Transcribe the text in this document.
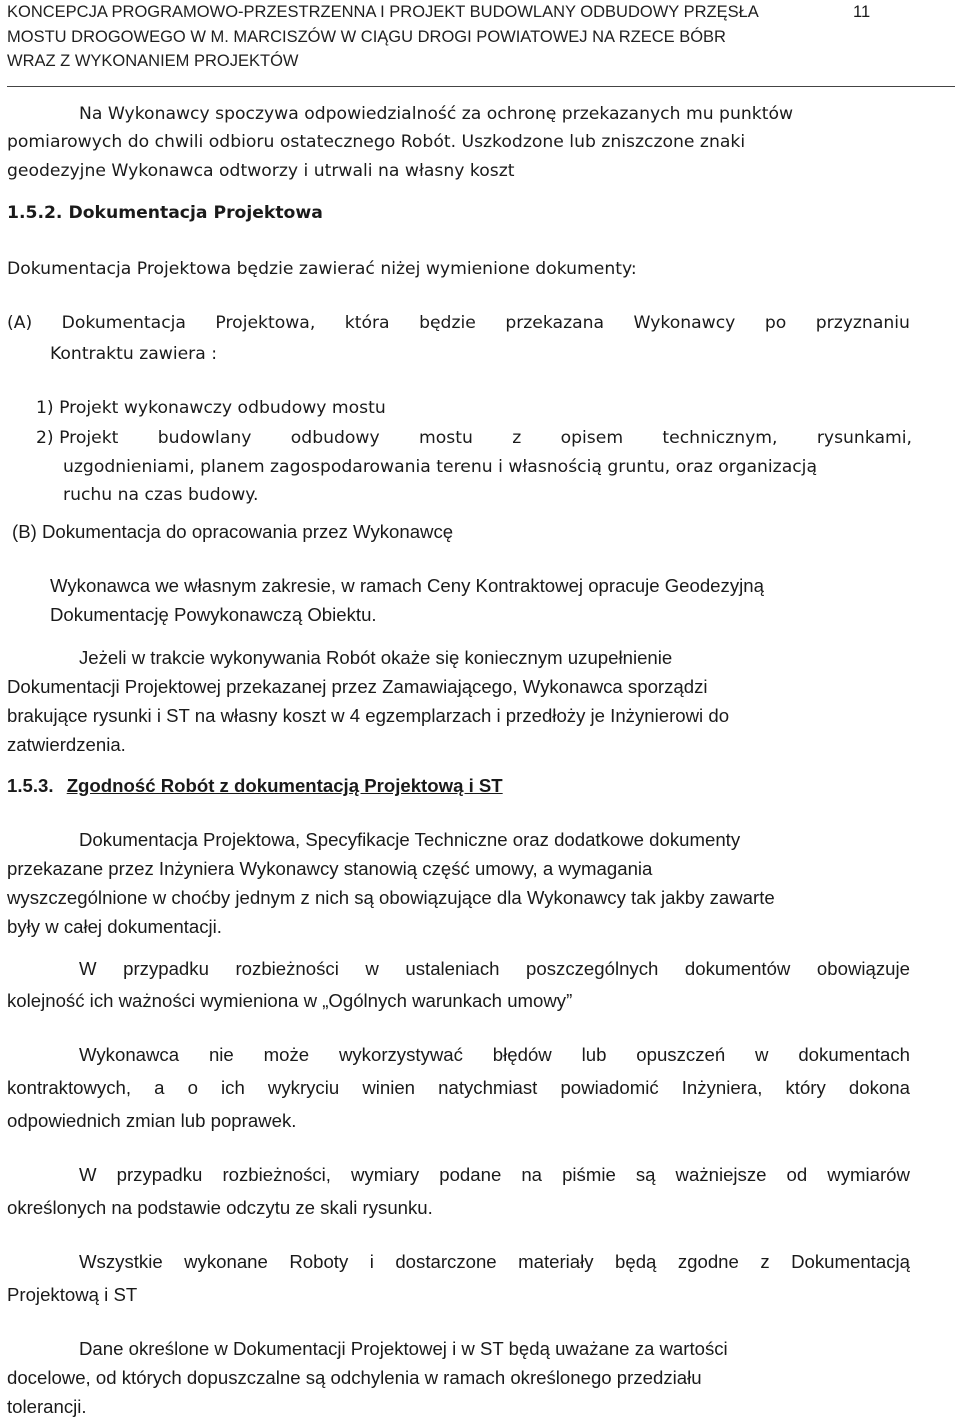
KONCEPCJA PROGRAMOWO-PRZESTRZENNA I PROJEKT BUDOWLANY ODBUDOWY PRZĘSŁA
MOSTU DROGOWEGO W M. MARCISZÓW W CIĄGU DROGI POWIATOWEJ NA RZECE BÓBR
WRAZ Z WYKONANIEM PROJEKTÓW
11
Na Wykonawcy spoczywa odpowiedzialność za ochronę przekazanych mu punktów
pomiarowych do chwili odbioru ostatecznego Robót. Uszkodzone lub zniszczone znaki
geodezyjne Wykonawca odtworzy i utrwali na własny koszt
1.5.2. Dokumentacja Projektowa
Dokumentacja Projektowa będzie zawierać niżej wymienione dokumenty:
(A) Dokumentacja Projektowa, która będzie przekazana Wykonawcy po przyznaniu
Kontraktu zawiera :
1) Projekt wykonawczy odbudowy mostu
2) Projekt budowlany odbudowy mostu z opisem technicznym, rysunkami,
uzgodnieniami, planem zagospodarowania terenu i własnością gruntu, oraz organizacją
ruchu na czas budowy.
(B) Dokumentacja do opracowania przez Wykonawcę
Wykonawca we własnym zakresie, w ramach Ceny Kontraktowej opracuje Geodezyjną
Dokumentację Powykonawczą Obiektu.
Jeżeli w trakcie wykonywania Robót okaże się koniecznym uzupełnienie
Dokumentacji Projektowej przekazanej przez Zamawiającego, Wykonawca sporządzi
brakujące rysunki i ST na własny koszt w 4 egzemplarzach i przedłoży je Inżynierowi do
zatwierdzenia.
1.5.3. Zgodność Robót z dokumentacją Projektową i ST
Dokumentacja Projektowa, Specyfikacje Techniczne oraz dodatkowe dokumenty
przekazane przez Inżyniera Wykonawcy stanowią część umowy, a wymagania
wyszczególnione w choćby jednym z nich są obowiązujące dla Wykonawcy tak jakby zawarte
były w całej dokumentacji.
W przypadku rozbieżności w ustaleniach poszczególnych dokumentów obowiązuje
kolejność ich ważności wymieniona w „Ogólnych warunkach umowy”
Wykonawca nie może wykorzystywać błędów lub opuszczeń w dokumentach
kontraktowych, a o ich wykryciu winien natychmiast powiadomić Inżyniera, który dokona
odpowiednich zmian lub poprawek.
W przypadku rozbieżności, wymiary podane na piśmie są ważniejsze od wymiarów
określonych na podstawie odczytu ze skali rysunku.
Wszystkie wykonane Roboty i dostarczone materiały będą zgodne z Dokumentacją
Projektową i ST
Dane określone w Dokumentacji Projektowej i w ST będą uważane za wartości
docelowe, od których dopuszczalne są odchylenia w ramach określonego przedziału
tolerancji.
